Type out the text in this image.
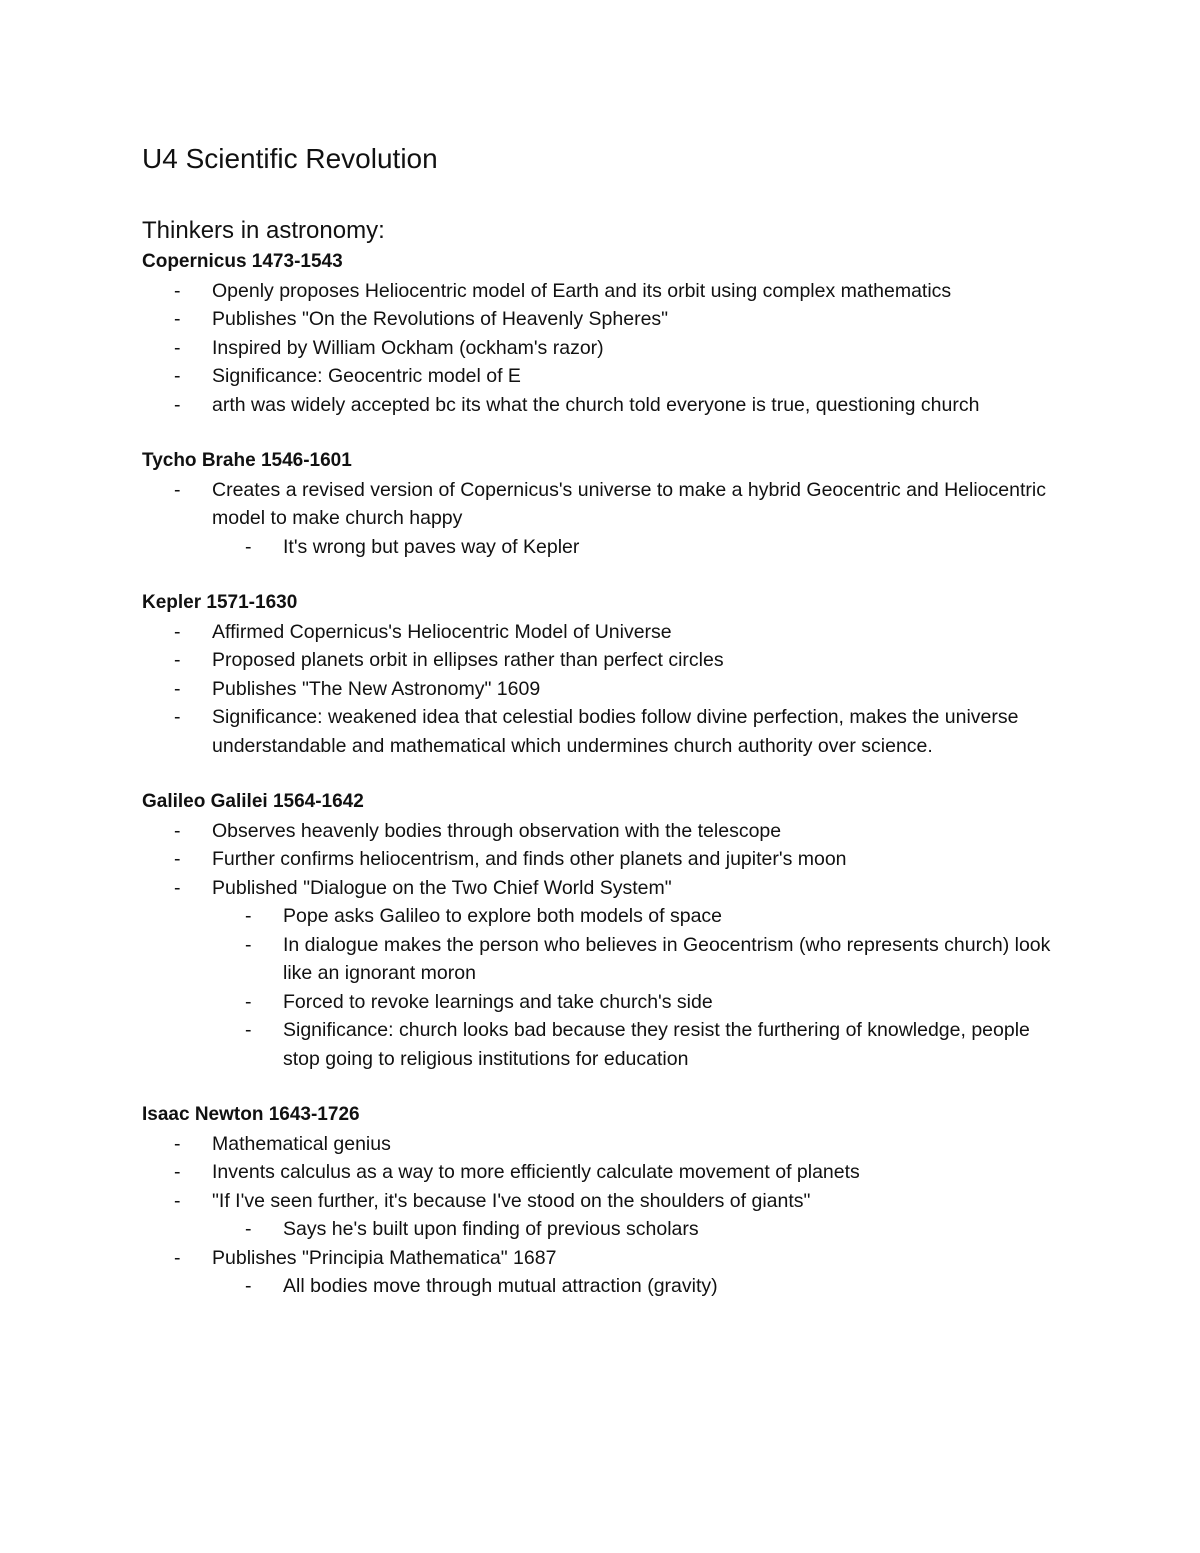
U4 Scientific Revolution
Thinkers in astronomy:

Copernicus 1473-1543

- Openly proposes Heliocentric model of Earth and its orbit using complex mathematics
- Publishes "On the Revolutions of Heavenly Spheres"
- Inspired by William Ockham (ockham's razor)
- Significance: Geocentric model of E
- arth was widely accepted bc its what the church told everyone is true, questioning church

Tycho Brahe 1546-1601

- Creates a revised version of Copernicus's universe to make a hybrid Geocentric and Heliocentric model to make church happy
- It's wrong but paves way of Kepler

Kepler 1571-1630

- Affirmed Copernicus's Heliocentric Model of Universe
- Proposed planets orbit in ellipses rather than perfect circles
- Publishes "The New Astronomy" 1609
- Significance: weakened idea that celestial bodies follow divine perfection, makes the universe understandable and mathematical which undermines church authority over science.

Galileo Galilei 1564-1642

- Observes heavenly bodies through observation with the telescope
- Further confirms heliocentrism, and finds other planets and jupiter's moon
- Published "Dialogue on the Two Chief World System"
- Pope asks Galileo to explore both models of space
- In dialogue makes the person who believes in Geocentrism (who represents church) look like an ignorant moron
- Forced to revoke learnings and take church's side
- Significance: church looks bad because they resist the furthering of knowledge, people stop going to religious institutions for education

Isaac Newton 1643-1726

- Mathematical genius
- Invents calculus as a way to more efficiently calculate movement of planets
- "If I've seen further, it's because I've stood on the shoulders of giants"
- Says he's built upon finding of previous scholars
- Publishes "Principia Mathematica" 1687
- All bodies move through mutual attraction (gravity)
